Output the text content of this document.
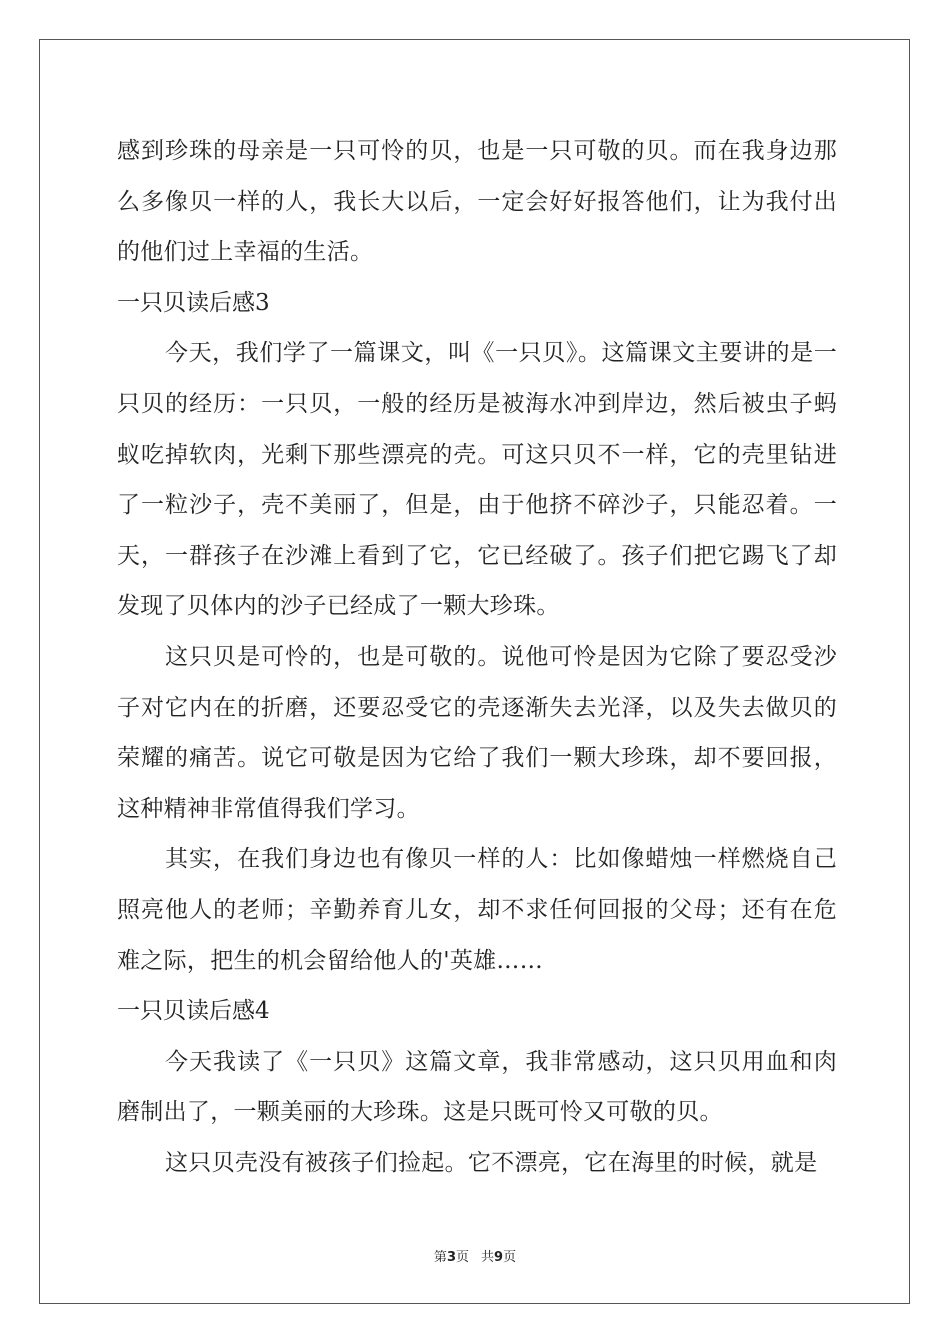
感到珍珠的母亲是一只可怜的贝，也是一只可敬的贝。而在我身边那么多像贝一样的人，我长大以后，一定会好好报答他们，让为我付出的他们过上幸福的生活。

一只贝读后感3

今天，我们学了一篇课文，叫《一只贝》。这篇课文主要讲的是一只贝的经历：一只贝，一般的经历是被海水冲到岸边，然后被虫子蚂蚁吃掉软肉，光剩下那些漂亮的壳。可这只贝不一样，它的壳里钻进了一粒沙子，壳不美丽了，但是，由于他挤不碎沙子，只能忍着。一天，一群孩子在沙滩上看到了它，它已经破了。孩子们把它踢飞了却发现了贝体内的沙子已经成了一颗大珍珠。

这只贝是可怜的，也是可敬的。说他可怜是因为它除了要忍受沙子对它内在的折磨，还要忍受它的壳逐渐失去光泽，以及失去做贝的荣耀的痛苦。说它可敬是因为它给了我们一颗大珍珠，却不要回报，这种精神非常值得我们学习。

其实，在我们身边也有像贝一样的人：比如像蜡烛一样燃烧自己照亮他人的老师；辛勤养育儿女，却不求任何回报的父母；还有在危难之际，把生的机会留给他人的'英雄……

一只贝读后感4

今天我读了《一只贝》这篇文章，我非常感动，这只贝用血和肉磨制出了，一颗美丽的大珍珠。这是只既可怜又可敬的贝。

这只贝壳没有被孩子们捡起。它不漂亮，它在海里的时候，就是

第3页 共9页
